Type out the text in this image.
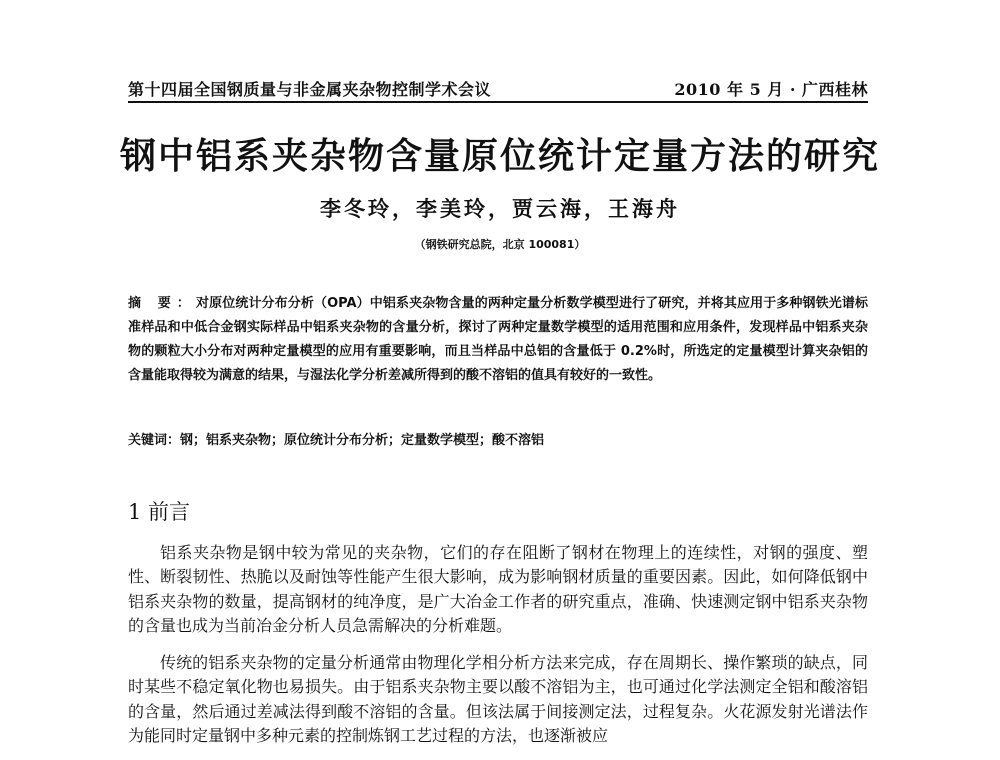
第十四届全国钢质量与非金属夹杂物控制学术会议	2010 年 5 月 · 广西桂林
钢中铝系夹杂物含量原位统计定量方法的研究
李冬玲，李美玲，贾云海，王海舟
（钢铁研究总院，北京 100081）
摘 要：对原位统计分布分析（OPA）中铝系夹杂物含量的两种定量分析数学模型进行了研究，并将其应用于多种钢铁光谱标准样品和中低合金钢实际样品中铝系夹杂物的含量分析，探讨了两种定量数学模型的适用范围和应用条件，发现样品中铝系夹杂物的颗粒大小分布对两种定量模型的应用有重要影响，而且当样品中总铝的含量低于 0.2%时，所选定的定量模型计算夹杂铝的含量能取得较为满意的结果，与湿法化学分析差减所得到的酸不溶铝的值具有较好的一致性。
关键词：钢；铝系夹杂物；原位统计分布分析；定量数学模型；酸不溶铝
1 前言

铝系夹杂物是钢中较为常见的夹杂物，它们的存在阻断了钢材在物理上的连续性，对钢的强度、塑性、断裂韧性、热脆以及耐蚀等性能产生很大影响，成为影响钢材质量的重要因素。因此，如何降低钢中铝系夹杂物的数量，提高钢材的纯净度，是广大冶金工作者的研究重点，准确、快速测定钢中铝系夹杂物的含量也成为当前冶金分析人员急需解决的分析难题。

传统的铝系夹杂物的定量分析通常由物理化学相分析方法来完成，存在周期长、操作繁琐的缺点，同时某些不稳定氧化物也易损失。由于铝系夹杂物主要以酸不溶铝为主，也可通过化学法测定全铝和酸溶铝的含量，然后通过差减法得到酸不溶铝的含量。但该法属于间接测定法，过程复杂。火花源发射光谱法作为能同时定量钢中多种元素的控制炼钢工艺过程的方法，也逐渐被应
